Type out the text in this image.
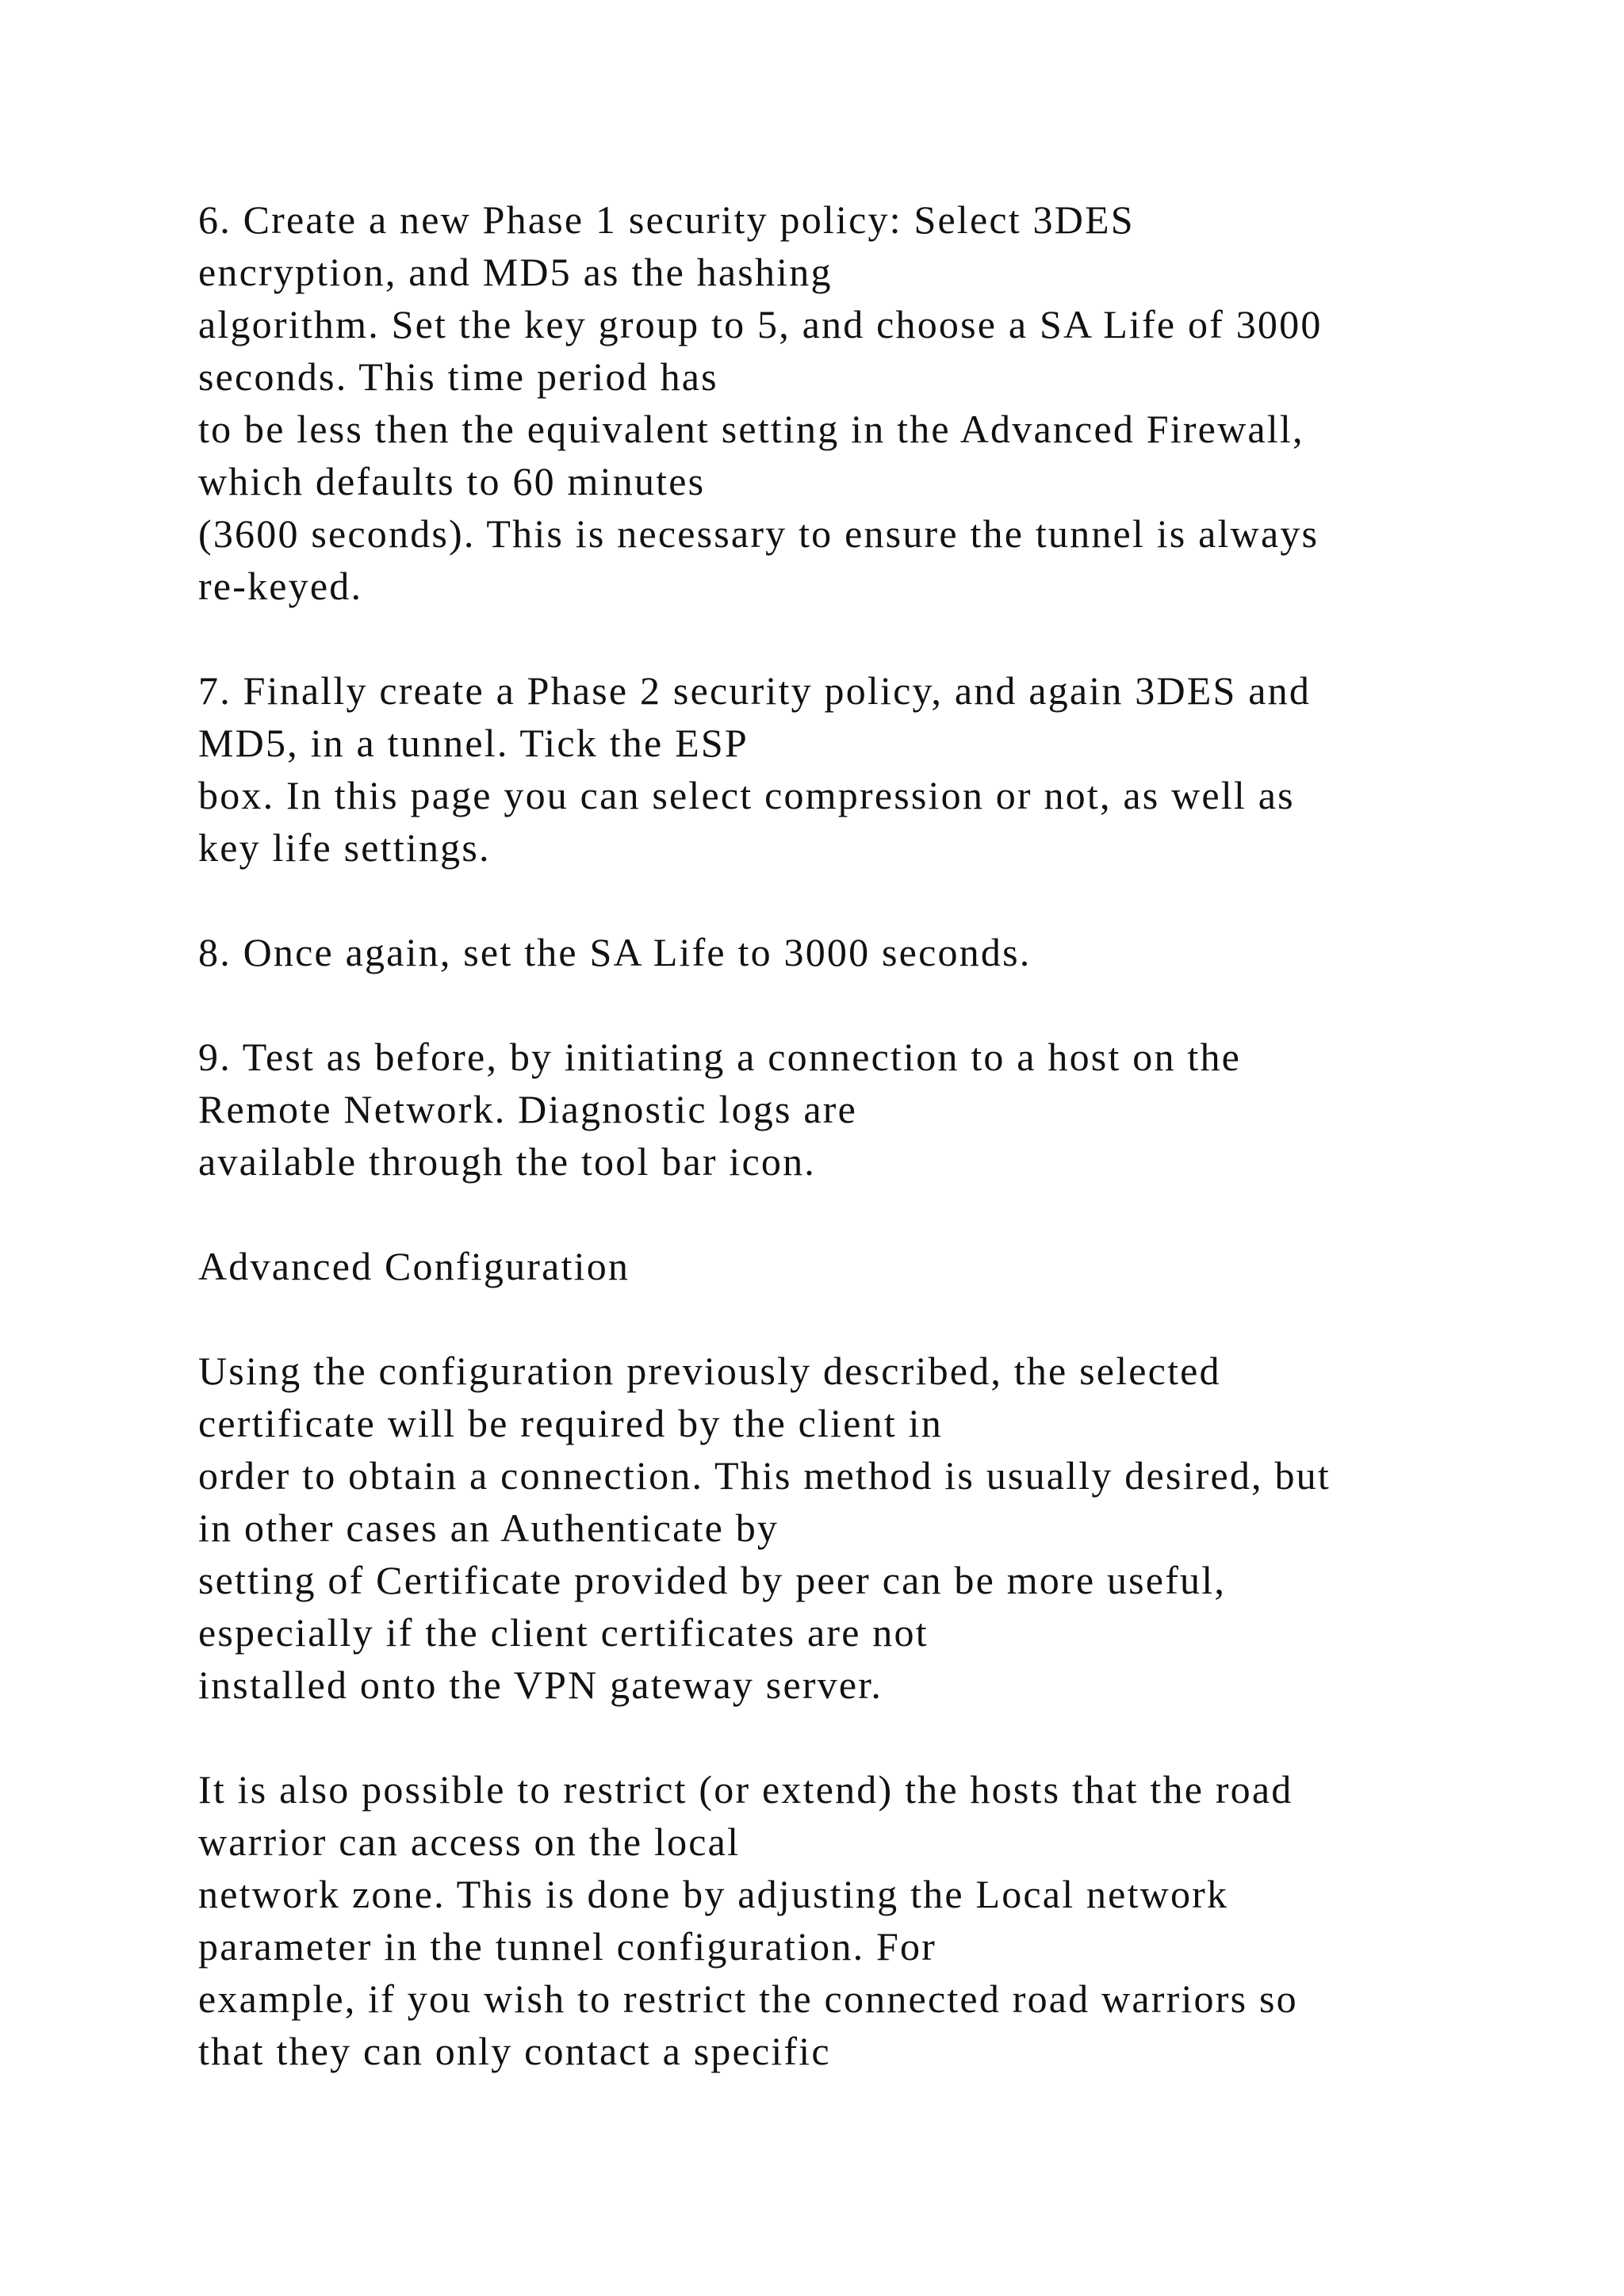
6. Create a new Phase 1 security policy: Select 3DES
encryption, and MD5 as the hashing
algorithm. Set the key group to 5, and choose a SA Life of 3000
seconds. This time period has
to be less then the equivalent setting in the Advanced Firewall,
which defaults to 60 minutes
(3600 seconds). This is necessary to ensure the tunnel is always
re-keyed.
7. Finally create a Phase 2 security policy, and again 3DES and
MD5, in a tunnel. Tick the ESP
box. In this page you can select compression or not, as well as
key life settings.
8. Once again, set the SA Life to 3000 seconds.
9. Test as before, by initiating a connection to a host on the
Remote Network. Diagnostic logs are
available through the tool bar icon.
Advanced Configuration
Using the configuration previously described, the selected
certificate will be required by the client in
order to obtain a connection. This method is usually desired, but
in other cases an Authenticate by
setting of Certificate provided by peer can be more useful,
especially if the client certificates are not
installed onto the VPN gateway server.
It is also possible to restrict (or extend) the hosts that the road
warrior can access on the local
network zone. This is done by adjusting the Local network
parameter in the tunnel configuration. For
example, if you wish to restrict the connected road warriors so
that they can only contact a specific
